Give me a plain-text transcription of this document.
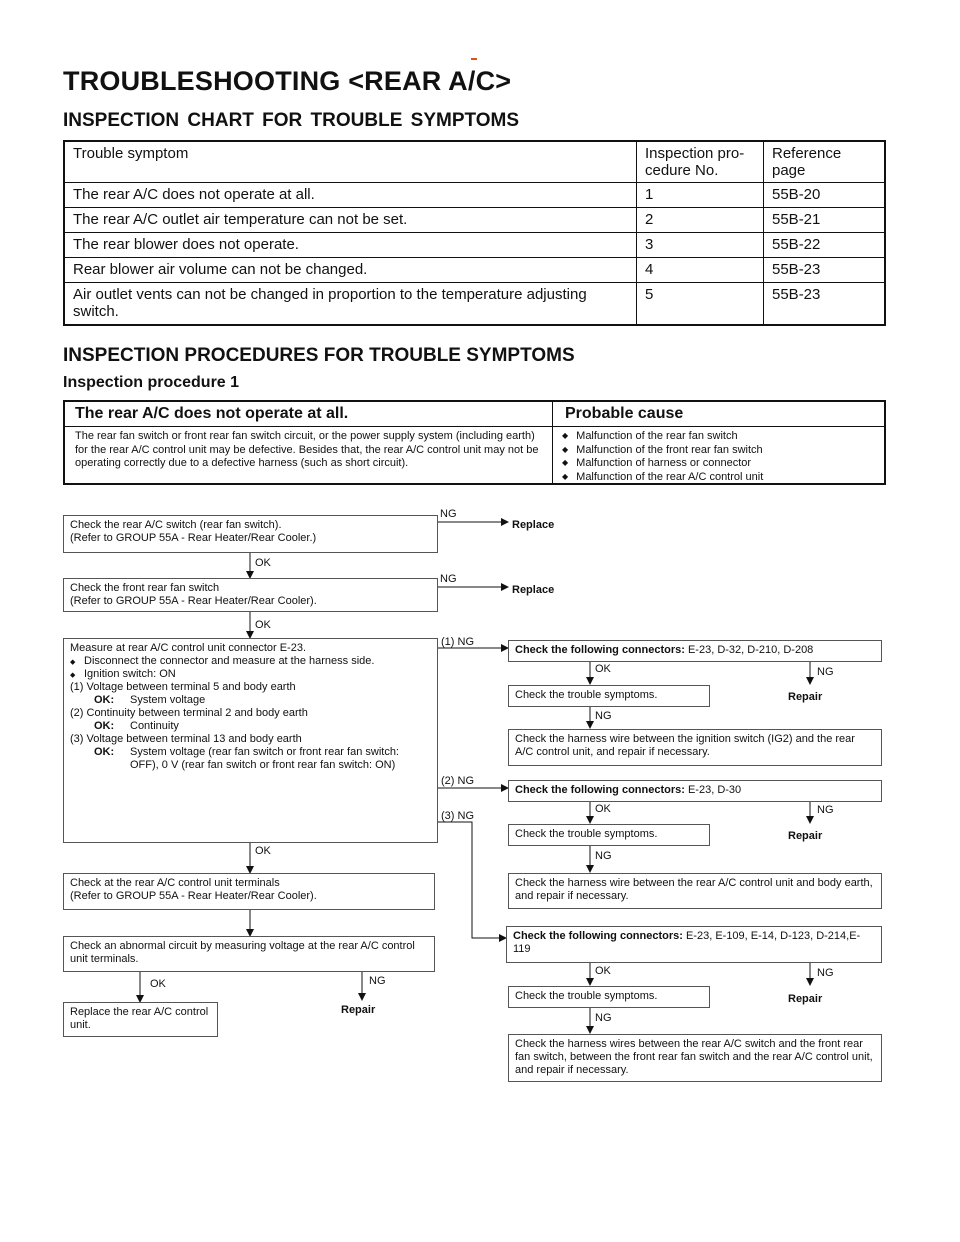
TROUBLESHOOTING <REAR A/C>
INSPECTION CHART FOR TROUBLE SYMPTOMS
Trouble symptom	Inspection pro- cedure No.	Reference page
The rear A/C does not operate at all.	1	55B-20
The rear A/C outlet air temperature can not be set.	2	55B-21
The rear blower does not operate.	3	55B-22
Rear blower air volume can not be changed.	4	55B-23
Air outlet vents can not be changed in proportion to the temperature adjusting switch.	5	55B-23
INSPECTION PROCEDURES FOR TROUBLE SYMPTOMS
Inspection procedure 1
The rear A/C does not operate at all.	Probable cause
The rear fan switch or front rear fan switch circuit, or the power supply system (including earth) for the rear A/C control unit may be defective. Besides that, the rear A/C control unit may not be operating correctly due to a defective harness (such as short circuit).
◆ Malfunction of the rear fan switch
◆ Malfunction of the front rear fan switch
◆ Malfunction of harness or connector
◆ Malfunction of the rear A/C control unit
Check the rear A/C switch (rear fan switch).
(Refer to GROUP 55A - Rear Heater/Rear Cooler.)
NG
Replace
OK
Check the front rear fan switch
(Refer to GROUP 55A - Rear Heater/Rear Cooler).
NG
Replace
OK
Measure at rear A/C control unit connector E-23.
◆ Disconnect the connector and measure at the harness side.
◆ Ignition switch: ON
(1) Voltage between terminal 5 and body earth
OK: System voltage
(2) Continuity between terminal 2 and body earth
OK: Continuity
(3) Voltage between terminal 13 and body earth
OK:	System voltage (rear fan switch or front rear fan switch: OFF), 0 V (rear fan switch or front rear fan switch: ON)
(1) NG
(2) NG
(3) NG
OK
Check at the rear A/C control unit terminals
(Refer to GROUP 55A - Rear Heater/Rear Cooler).
Check an abnormal circuit by measuring voltage at the rear A/C control unit terminals.
OK	NG
Repair
Replace the rear A/C control unit.
Check the following connectors: E-23, D-32, D-210, D-208
OK	NG
Repair
Check the trouble symptoms.
NG
Check the harness wire between the ignition switch (IG2) and the rear A/C control unit, and repair if necessary.
Check the following connectors: E-23, D-30
OK	NG
Repair
Check the trouble symptoms.
NG
Check the harness wire between the rear A/C control unit and body earth, and repair if necessary.
Check the following connectors: E-23, E-109, E-14, D-123, D-214,E-119
OK	NG
Repair
Check the trouble symptoms.
NG
Check the harness wires between the rear A/C switch and the front rear fan switch, between the front rear fan switch and the rear A/C control unit, and repair if necessary.
